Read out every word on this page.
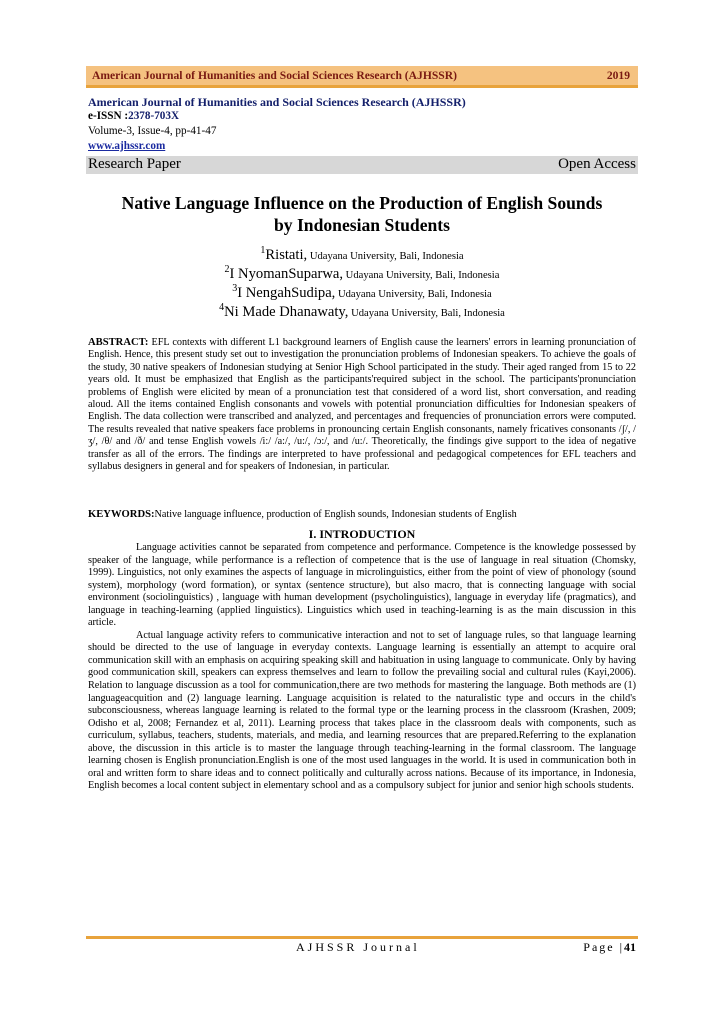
American Journal of Humanities and Social Sciences Research (AJHSSR)	2019
American Journal of Humanities and Social Sciences Research (AJHSSR)
e-ISSN :2378-703X
Volume-3, Issue-4, pp-41-47
www.ajhssr.com
Research Paper	Open Access
Native Language Influence on the Production of English Sounds
by Indonesian Students
$^1$Ristati, Udayana University, Bali, Indonesia
$^2$I NyomanSuparwa, Udayana University, Bali, Indonesia
$^3$I NengahSudipa, Udayana University, Bali, Indonesia
$^4$Ni Made Dhanawaty, Udayana University, Bali, Indonesia
ABSTRACT: EFL contexts with different L1 background learners of English cause the learners' errors in learning pronunciation of English. Hence, this present study set out to investigation the pronunciation problems of Indonesian speakers. To achieve the goals of the study, 30 native speakers of Indonesian studying at Senior High School participated in the study. Their aged ranged from 15 to 22 years old. It must be emphasized that English as the participants'required subject in the school. The participants'pronunciation problems of English were elicited by mean of a pronunciation test that considered of a word list, short conversation, and reading aloud. All the items contained English consonants and vowels with potential pronunciation difficulties for Indonesian speakers of English. The data collection were transcribed and analyzed, and percentages and frequencies of pronunciation errors were computed. The results revealed that native speakers face problems in pronouncing certain English consonants, namely fricatives consonants /ʃ/, /ʒ/, /θ/ and /ð/ and tense English vowels /i:/ /a:/, /u:/, /ɔ:/, and /u:/. Theoretically, the findings give support to the idea of negative transfer as all of the errors. The findings are interpreted to have professional and pedagogical competences for EFL teachers and syllabus designers in general and for speakers of Indonesian, in particular.
KEYWORDS:Native language influence, production of English sounds, Indonesian students of English
I. INTRODUCTION

Language activities cannot be separated from competence and performance. Competence is the knowledge possessed by speaker of the language, while performance is a reflection of competence that is the use of language in real situation (Chomsky, 1999). Linguistics, not only examines the aspects of language in microlinguistics, either from the point of view of phonology (sound system), morphology (word formation), or syntax (sentence structure), but also macro, that is connecting language with social environment (sociolinguistics) , language with human development (psycholinguistics), language in everyday life (pragmatics), and language in teaching-learning (applied linguistics). Linguistics which used in teaching-learning is as the main discussion in this article.

Actual language activity refers to communicative interaction and not to set of language rules, so that language learning should be directed to the use of language in everyday contexts. Language learning is essentially an attempt to acquire oral communication skill with an emphasis on acquiring speaking skill and habituation in using language to communicate. Only by having good communication skill, speakers can express themselves and learn to follow the prevailing social and cultural rules (Kayi,2006). Relation to language discussion as a tool for communication,there are two methods for mastering the language. Both methods are (1) languageacquition and (2) language learning. Language acquisition is related to the naturalistic type and occurs in the child's subconsciousness, whereas language learning is related to the formal type or the learning process in the classroom (Krashen, 2009; Odisho et al, 2008; Fernandez et al, 2011). Learning process that takes place in the classroom deals with components, such as curriculum, syllabus, teachers, students, materials, and media, and learning resources that are prepared.Referring to the explanation above, the discussion in this article is to master the language through teaching-learning in the formal classroom. The language learning chosen is English pronunciation.English is one of the most used languages in the world. It is used in communication both in oral and written form to share ideas and to connect politically and culturally across nations. Because of its importance, in Indonesia, English becomes a local content subject in elementary school and as a compulsory subject for junior and senior high schools students.

AJHSSR Journal	Page |41
